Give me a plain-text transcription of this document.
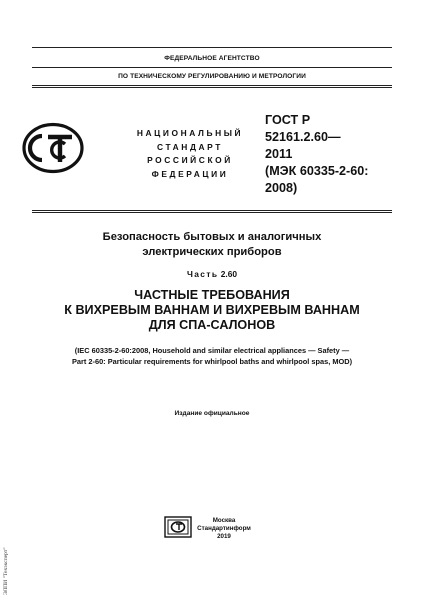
ФЕДЕРАЛЬНОЕ АГЕНТСТВО
ПО ТЕХНИЧЕСКОМУ РЕГУЛИРОВАНИЮ И МЕТРОЛОГИИ
НАЦИОНАЛЬНЫЙ
СТАНДАРТ
РОССИЙСКОЙ
ФЕДЕРАЦИИ
ГОСТ Р
52161.2.60—
2011
(МЭК 60335-2-60:
2008)
Безопасность бытовых и аналогичных
электрических приборов
Часть 2.60
ЧАСТНЫЕ ТРЕБОВАНИЯ
К ВИХРЕВЫМ ВАННАМ И ВИХРЕВЫМ ВАННАМ
ДЛЯ СПА-САЛОНОВ
(IEC 60335-2-60:2008, Household and similar electrical appliances — Safety —
Part 2-60: Particular requirements for whirlpool baths and whirlpool spas, MOD)
Издание официальное
Москва
Стандартинформ
2019
ЭЛПИ "Техэксперт"
